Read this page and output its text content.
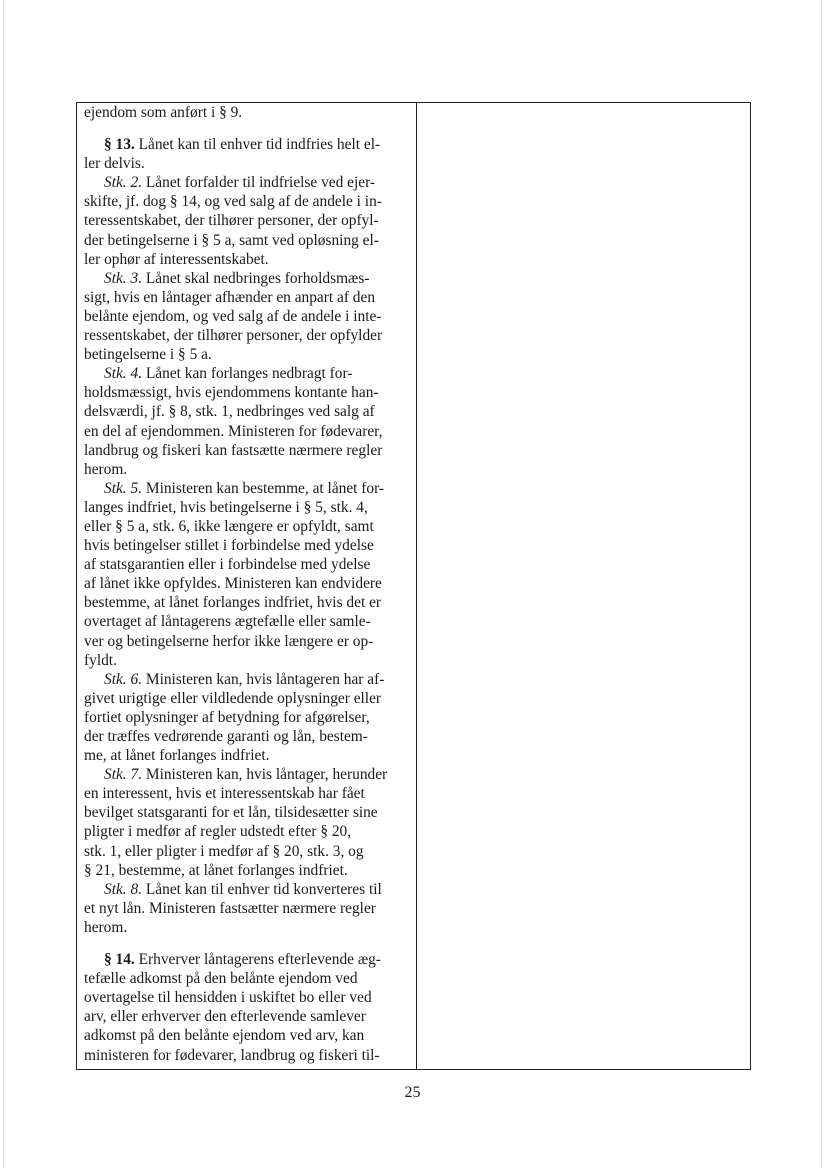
ejendom som anført i § 9.
§ 13. Lånet kan til enhver tid indfries helt el-
ler delvis.
Stk. 2. Lånet forfalder til indfrielse ved ejer-
skifte, jf. dog § 14, og ved salg af de andele i in-
teressentskabet, der tilhører personer, der opfyl-
der betingelserne i § 5 a, samt ved opløsning el-
ler ophør af interessentskabet.
Stk. 3. Lånet skal nedbringes forholdsmæs-
sigt, hvis en låntager afhænder en anpart af den
belånte ejendom, og ved salg af de andele i inte-
ressentskabet, der tilhører personer, der opfylder
betingelserne i § 5 a.
Stk. 4. Lånet kan forlanges nedbragt for-
holdsmæssigt, hvis ejendommens kontante han-
delsværdi, jf. § 8, stk. 1, nedbringes ved salg af
en del af ejendommen. Ministeren for fødevarer,
landbrug og fiskeri kan fastsætte nærmere regler
herom.
Stk. 5. Ministeren kan bestemme, at lånet for-
langes indfriet, hvis betingelserne i § 5, stk. 4,
eller § 5 a, stk. 6, ikke længere er opfyldt, samt
hvis betingelser stillet i forbindelse med ydelse
af statsgarantien eller i forbindelse med ydelse
af lånet ikke opfyldes. Ministeren kan endvidere
bestemme, at lånet forlanges indfriet, hvis det er
overtaget af låntagerens ægtefælle eller samle-
ver og betingelserne herfor ikke længere er op-
fyldt.
Stk. 6. Ministeren kan, hvis låntageren har af-
givet urigtige eller vildledende oplysninger eller
fortiet oplysninger af betydning for afgørelser,
der træffes vedrørende garanti og lån, bestem-
me, at lånet forlanges indfriet.
Stk. 7. Ministeren kan, hvis låntager, herunder
en interessent, hvis et interessentskab har fået
bevilget statsgaranti for et lån, tilsidesætter sine
pligter i medfør af regler udstedt efter § 20,
stk. 1, eller pligter i medfør af § 20, stk. 3, og
§ 21, bestemme, at lånet forlanges indfriet.
Stk. 8. Lånet kan til enhver tid konverteres til
et nyt lån. Ministeren fastsætter nærmere regler
herom.
§ 14. Erhverver låntagerens efterlevende æg-
tefælle adkomst på den belånte ejendom ved
overtagelse til hensidden i uskiftet bo eller ved
arv, eller erhverver den efterlevende samlever
adkomst på den belånte ejendom ved arv, kan
ministeren for fødevarer, landbrug og fiskeri til-
25
